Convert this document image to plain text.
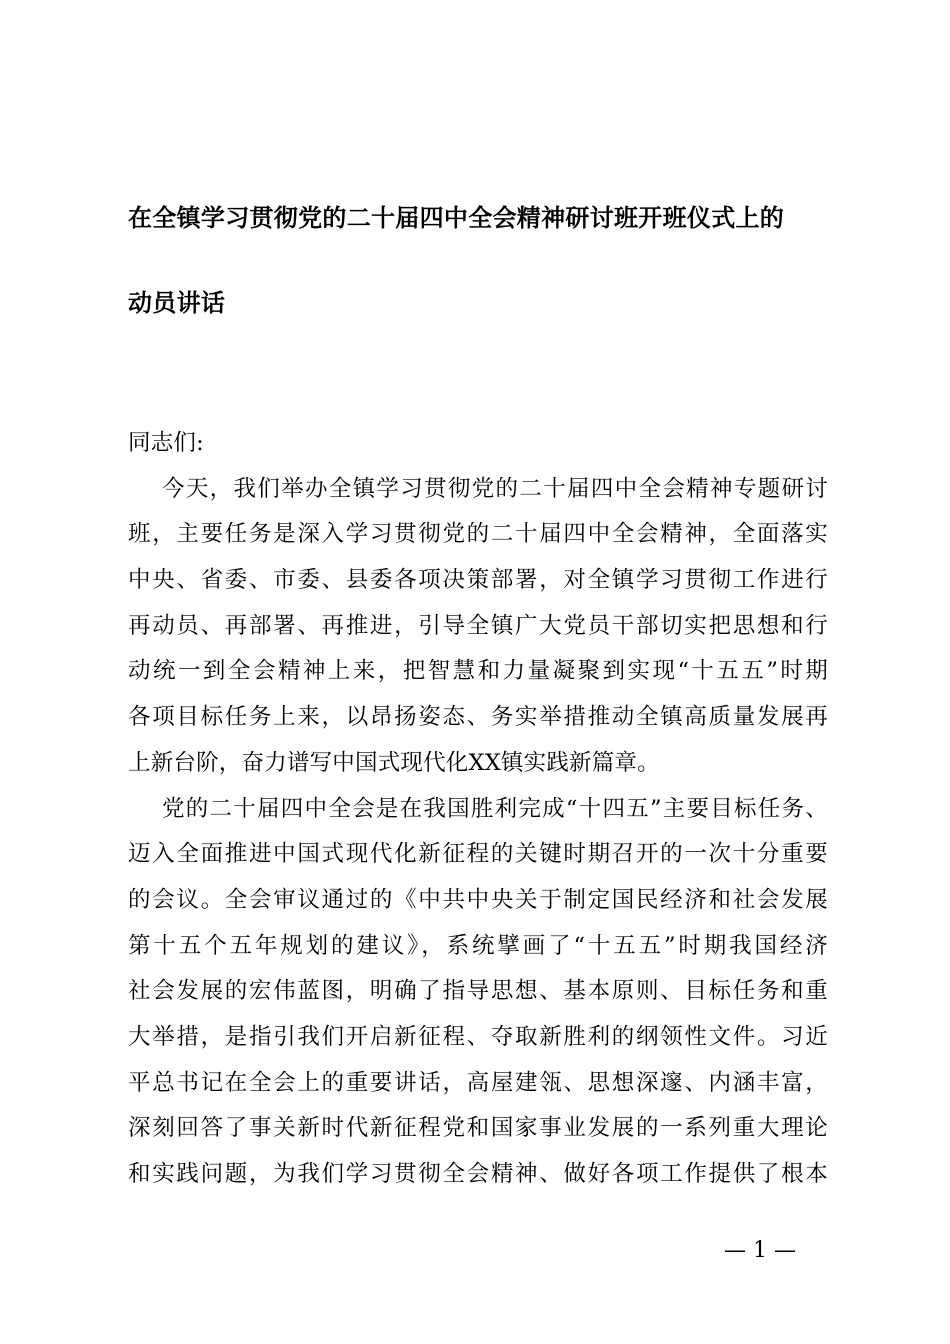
在全镇学习贯彻党的二十届四中全会精神研讨班开班仪式上的
动员讲话
同志们:
今天，我们举办全镇学习贯彻党的二十届四中全会精神专题研讨
班，主要任务是深入学习贯彻党的二十届四中全会精神，全面落实
中央、省委、市委、县委各项决策部署，对全镇学习贯彻工作进行
再动员、再部署、再推进，引导全镇广大党员干部切实把思想和行
动统一到全会精神上来，把智慧和力量凝聚到实现“十五五”时期
各项目标任务上来，以昂扬姿态、务实举措推动全镇高质量发展再
上新台阶，奋力谱写中国式现代化XX镇实践新篇章。
党的二十届四中全会是在我国胜利完成“十四五”主要目标任务、
迈入全面推进中国式现代化新征程的关键时期召开的一次十分重要
的会议。全会审议通过的《中共中央关于制定国民经济和社会发展
第十五个五年规划的建议》，系统擘画了“十五五”时期我国经济
社会发展的宏伟蓝图，明确了指导思想、基本原则、目标任务和重
大举措，是指引我们开启新征程、夺取新胜利的纲领性文件。习近
平总书记在全会上的重要讲话，高屋建瓴、思想深邃、内涵丰富，
深刻回答了事关新时代新征程党和国家事业发展的一系列重大理论
和实践问题，为我们学习贯彻全会精神、做好各项工作提供了根本
— 1 —
